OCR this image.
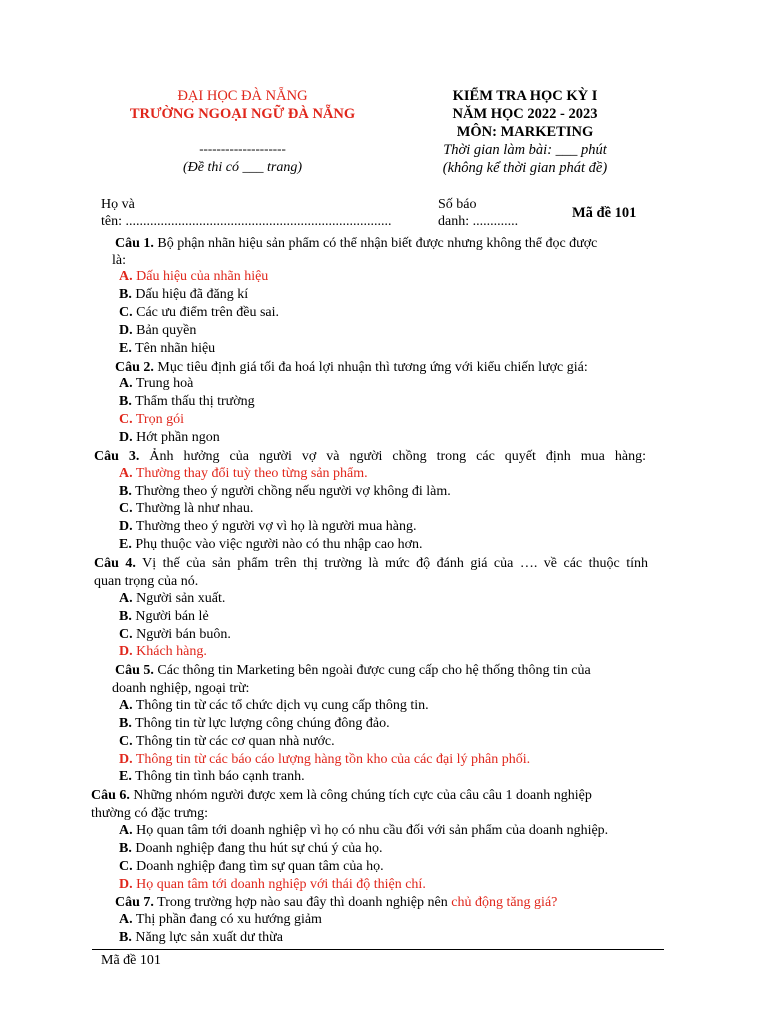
ĐẠI HỌC ĐÀ NẴNG
TRƯỜNG NGOẠI NGỮ ĐÀ NẴNG
--------------------
(Đề thi có ___ trang)
KIỂM TRA HỌC KỲ I
NĂM HỌC 2022 - 2023
MÔN: MARKETING
Thời gian làm bài: ___ phút
(không kể thời gian phát đề)
Họ và
tên: ............................................................................
Số báo
danh: .............
Mã đề 101
Câu 1. Bộ phận nhãn hiệu sản phẩm có thể nhận biết được nhưng không thể đọc được
là:
A. Dấu hiệu của nhãn hiệu
B. Dấu hiệu đã đăng kí
C. Các ưu điểm trên đều sai.
D. Bản quyền
E. Tên nhãn hiệu
Câu 2. Mục tiêu định giá tối đa hoá lợi nhuận thì tương ứng với kiểu chiến lược giá:
A. Trung hoà
B. Thẩm thấu thị trường
C. Trọn gói
D. Hớt phần ngon
Câu 3. Ảnh hưởng của người vợ và người chồng trong các quyết định mua hàng:
A. Thường thay đổi tuỳ theo từng sản phẩm.
B. Thường theo ý người chồng nếu người vợ không đi làm.
C. Thường là như nhau.
D. Thường theo ý người vợ vì họ là người mua hàng.
E. Phụ thuộc vào việc người nào có thu nhập cao hơn.
Câu 4. Vị thế của sản phẩm trên thị trường là mức độ đánh giá của …. về các thuộc tính
quan trọng của nó.
A. Người sản xuất.
B. Người bán lẻ
C. Người bán buôn.
D. Khách hàng.
Câu 5. Các thông tin Marketing bên ngoài được cung cấp cho hệ thống thông tin của
doanh nghiệp, ngoại trừ:
A. Thông tin từ các tổ chức dịch vụ cung cấp thông tin.
B. Thông tin từ lực lượng công chúng đông đảo.
C. Thông tin từ các cơ quan nhà nước.
D. Thông tin từ các báo cáo lượng hàng tồn kho của các đại lý phân phối.
E. Thông tin tình báo cạnh tranh.
Câu 6. Những nhóm người được xem là công chúng tích cực của câu câu 1 doanh nghiệp
thường có đặc trưng:
A. Họ quan tâm tới doanh nghiệp vì họ có nhu cầu đối với sản phẩm của doanh nghiệp.
B. Doanh nghiệp đang thu hút sự chú ý của họ.
C. Doanh nghiệp đang tìm sự quan tâm của họ.
D. Họ quan tâm tới doanh nghiệp với thái độ thiện chí.
Câu 7. Trong trường hợp nào sau đây thì doanh nghiệp nên chủ động tăng giá?
A. Thị phần đang có xu hướng giảm
B. Năng lực sản xuất dư thừa
Mã đề 101
